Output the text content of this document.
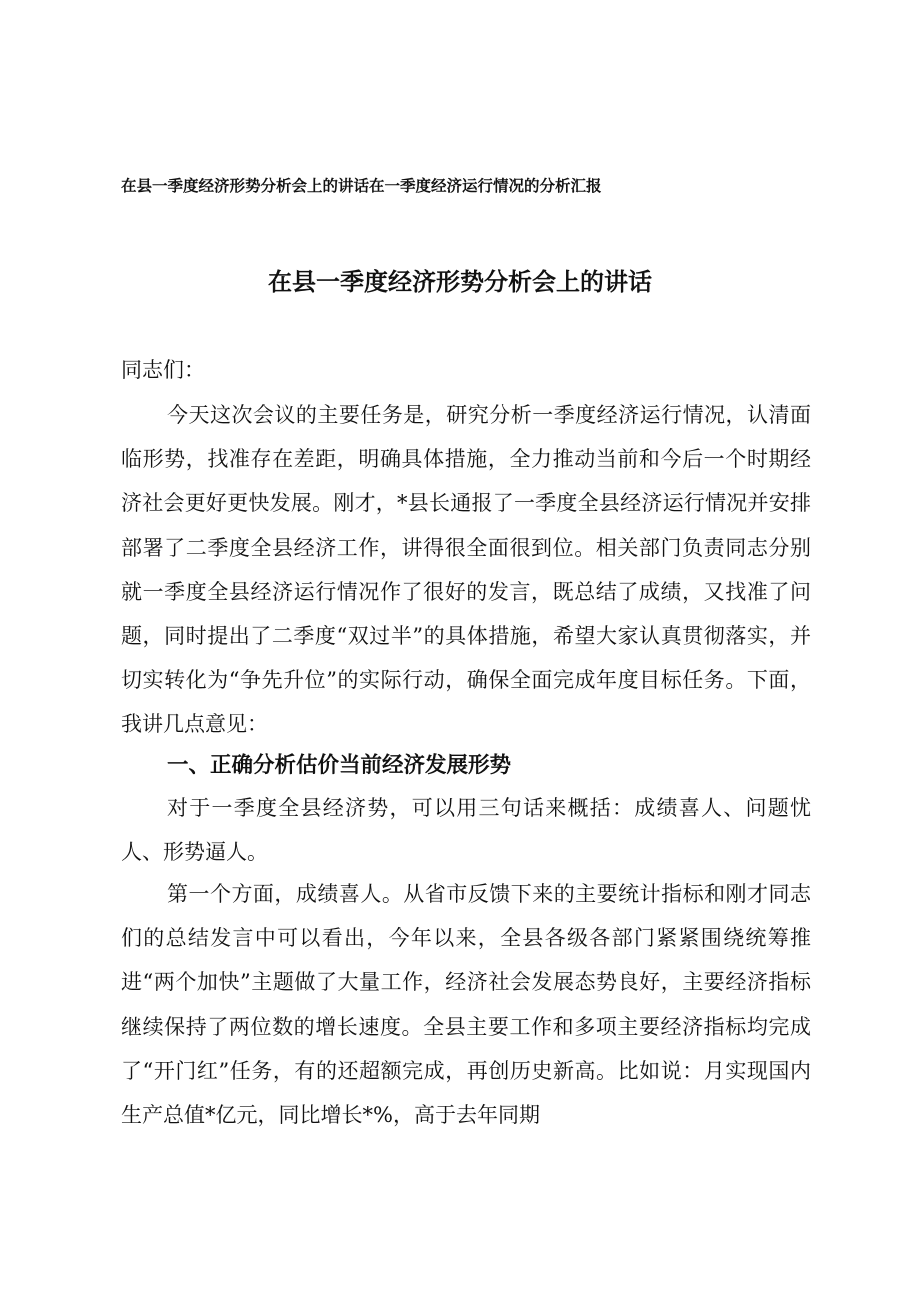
在县一季度经济形势分析会上的讲话在一季度经济运行情况的分析汇报
在县一季度经济形势分析会上的讲话
同志们：

今天这次会议的主要任务是，研究分析一季度经济运行情况，认清面临形势，找准存在差距，明确具体措施，全力推动当前和今后一个时期经济社会更好更快发展。刚才，*县长通报了一季度全县经济运行情况并安排部署了二季度全县经济工作，讲得很全面很到位。相关部门负责同志分别就一季度全县经济运行情况作了很好的发言，既总结了成绩，又找准了问题，同时提出了二季度“双过半”的具体措施，希望大家认真贯彻落实，并切实转化为“争先升位”的实际行动，确保全面完成年度目标任务。下面，我讲几点意见：

一、正确分析估价当前经济发展形势

对于一季度全县经济势，可以用三句话来概括：成绩喜人、问题忧人、形势逼人。

第一个方面，成绩喜人。从省市反馈下来的主要统计指标和刚才同志们的总结发言中可以看出，今年以来，全县各级各部门紧紧围绕统筹推进“两个加快”主题做了大量工作，经济社会发展态势良好，主要经济指标继续保持了两位数的增长速度。全县主要工作和多项主要经济指标均完成了“开门红”任务，有的还超额完成，再创历史新高。比如说：月实现国内生产总值*亿元，同比增长*%，高于去年同期
